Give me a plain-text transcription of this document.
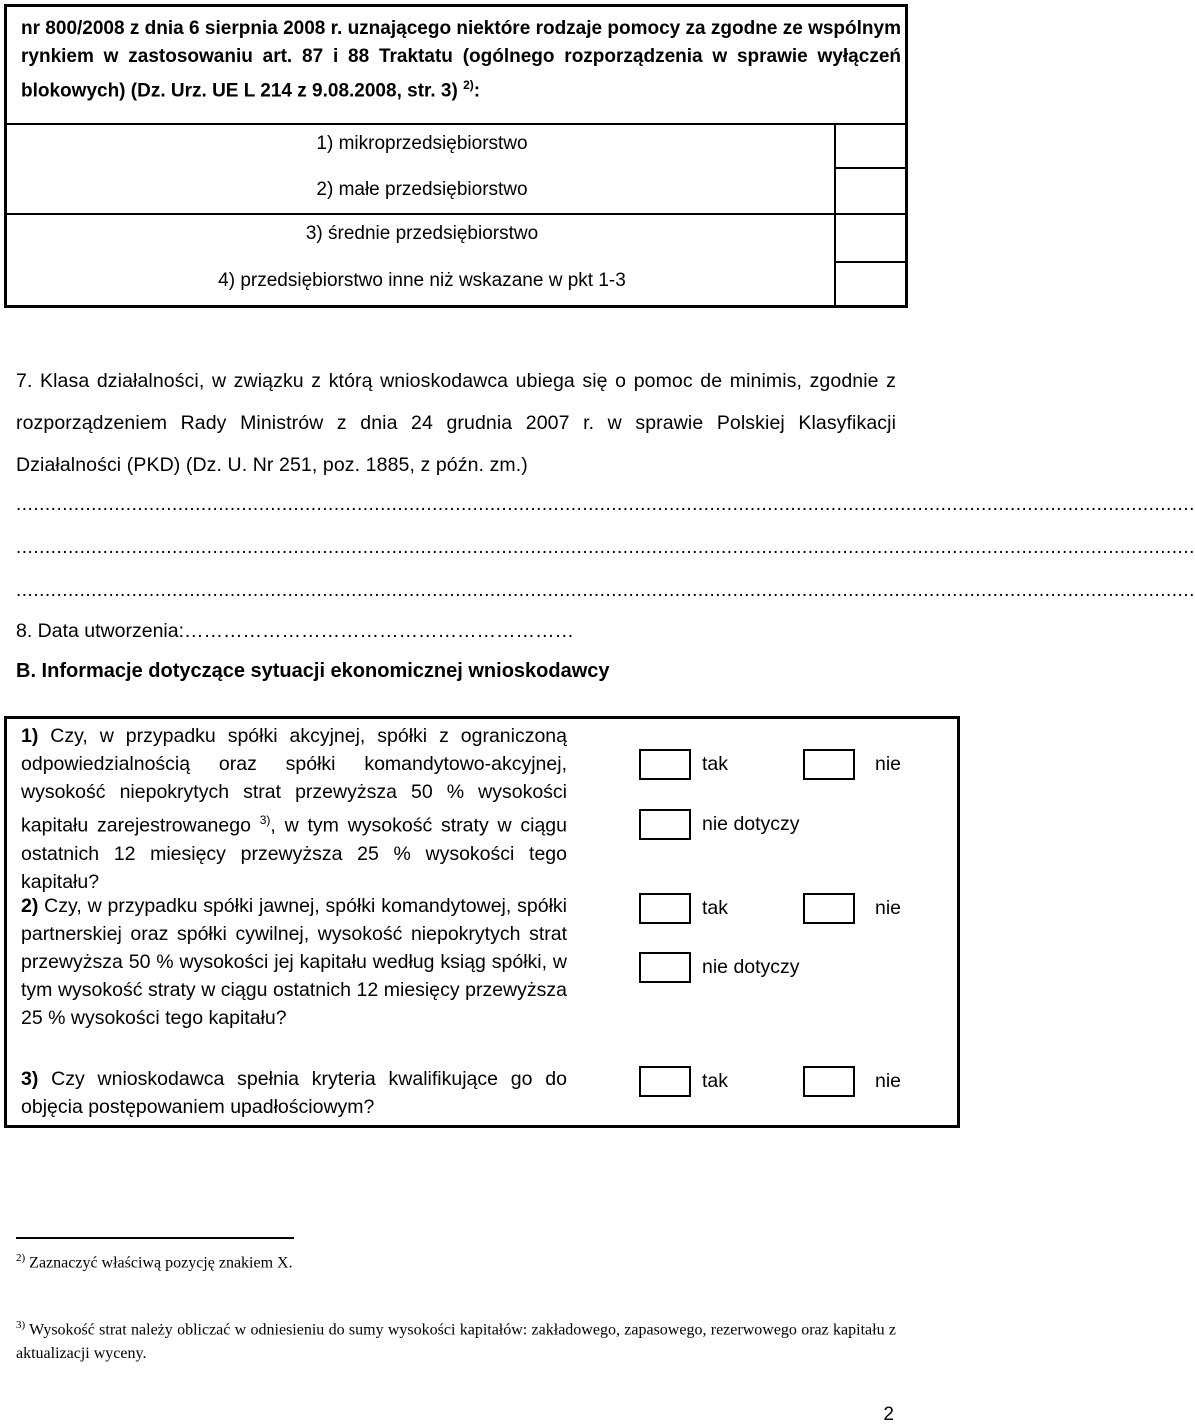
nr 800/2008 z dnia 6 sierpnia 2008 r. uznającego niektóre rodzaje pomocy za zgodne ze wspólnym rynkiem w zastosowaniu art. 87 i 88 Traktatu (ogólnego rozporządzenia w sprawie wyłączeń blokowych) (Dz. Urz. UE L 214 z 9.08.2008, str. 3) $^{2)}$:
1) mikroprzedsiębiorstwo
2) małe przedsiębiorstwo
3) średnie przedsiębiorstwo
4) przedsiębiorstwo inne niż wskazane w pkt 1-3
7. Klasa działalności, w związku z którą wnioskodawca ubiega się o pomoc de minimis, zgodnie z rozporządzeniem Rady Ministrów z dnia 24 grudnia 2007 r. w sprawie Polskiej Klasyfikacji Działalności (PKD) (Dz. U. Nr 251, poz. 1885, z późn. zm.)
............................................................................................................................................................................................................
............................................................................................................................................................................................................
............................................................................................................................................................................................................
8. Data utworzenia:……………………………………………………
B. Informacje dotyczące sytuacji ekonomicznej wnioskodawcy
1) Czy, w przypadku spółki akcyjnej, spółki z ograniczoną odpowiedzialnością oraz spółki komandytowo-akcyjnej, wysokość niepokrytych strat przewyższa 50 % wysokości kapitału zarejestrowanego $^{3)}$, w tym wysokość straty w ciągu ostatnich 12 miesięcy przewyższa 25 % wysokości tego kapitału?
tak	nie
nie dotyczy
2) Czy, w przypadku spółki jawnej, spółki komandytowej, spółki partnerskiej oraz spółki cywilnej, wysokość niepokrytych strat przewyższa 50 % wysokości jej kapitału według ksiąg spółki, w tym wysokość straty w ciągu ostatnich 12 miesięcy przewyższa 25 % wysokości tego kapitału?
tak	nie
nie dotyczy
3) Czy wnioskodawca spełnia kryteria kwalifikujące go do objęcia postępowaniem upadłościowym?
tak	nie
$^{2)}$ Zaznaczyć właściwą pozycję znakiem X.
$^{3)}$ Wysokość strat należy obliczać w odniesieniu do sumy wysokości kapitałów: zakładowego, zapasowego, rezerwowego oraz kapitału z aktualizacji wyceny.
2
